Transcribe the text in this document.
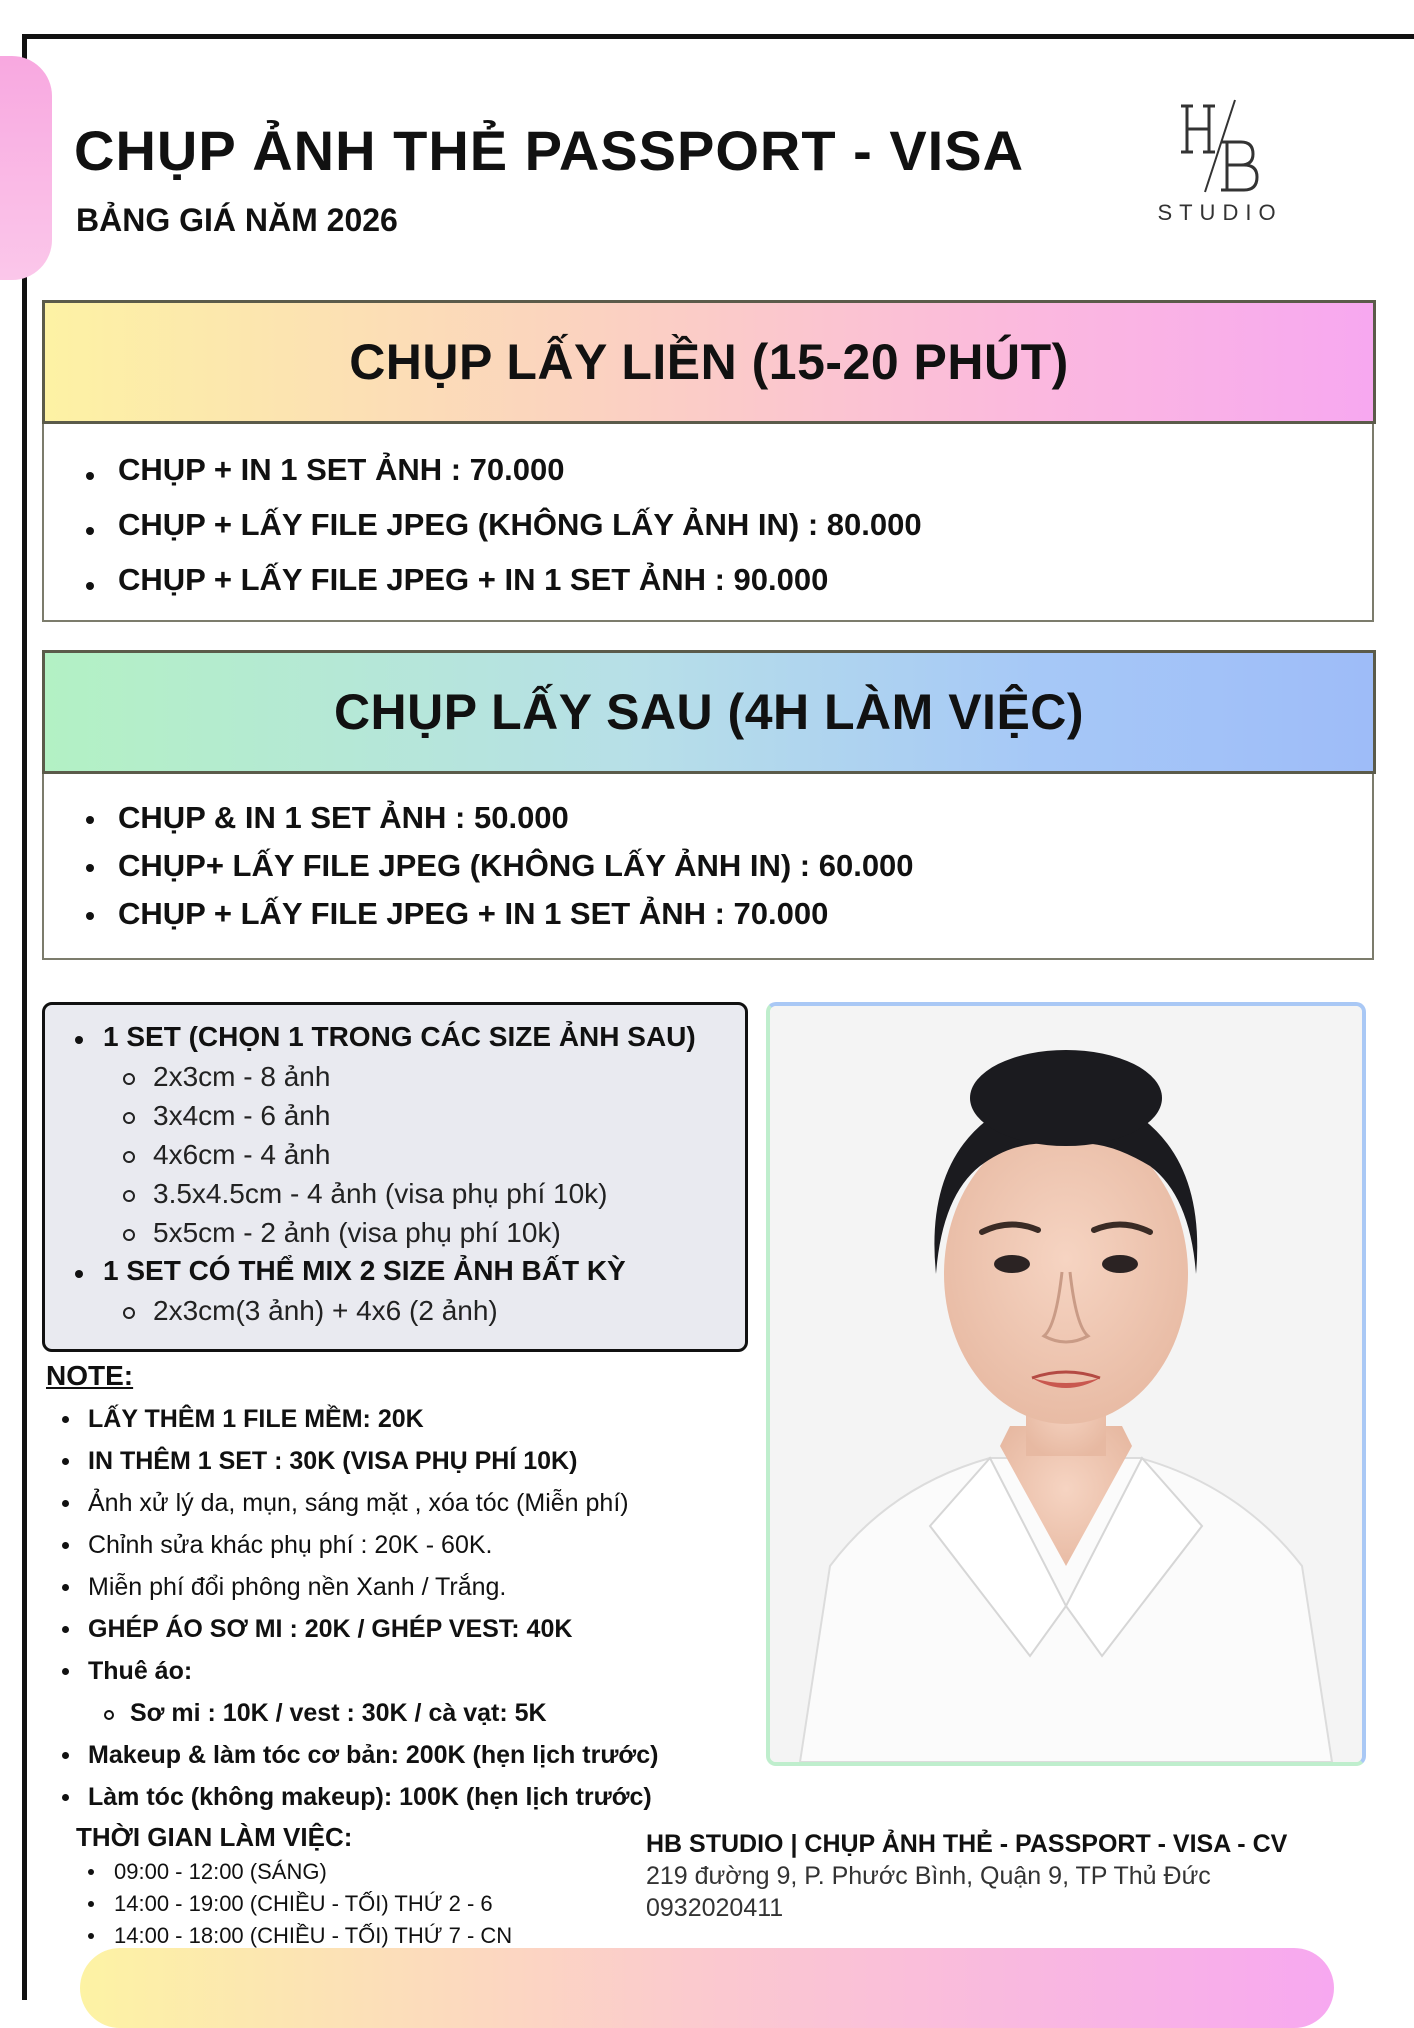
CHỤP ẢNH THẺ PASSPORT - VISA
BẢNG GIÁ NĂM 2026	STUDIO
CHỤP LẤY LIỀN (15-20 PHÚT)
CHỤP + IN 1 SET ẢNH : 70.000
CHỤP + LẤY FILE JPEG (KHÔNG LẤY ẢNH IN) : 80.000
CHỤP + LẤY FILE JPEG + IN 1 SET ẢNH : 90.000
CHỤP LẤY SAU (4H LÀM VIỆC)
CHỤP & IN 1 SET ẢNH : 50.000
CHỤP+ LẤY FILE JPEG (KHÔNG LẤY ẢNH IN) : 60.000
CHỤP + LẤY FILE JPEG + IN 1 SET ẢNH : 70.000
1 SET (CHỌN 1 TRONG CÁC SIZE ẢNH SAU)
2x3cm - 8 ảnh
3x4cm - 6 ảnh
4x6cm - 4 ảnh
3.5x4.5cm - 4 ảnh (visa phụ phí 10k)
5x5cm - 2 ảnh (visa phụ phí 10k)
1 SET CÓ THỂ MIX 2 SIZE ẢNH BẤT KỲ
2x3cm(3 ảnh) + 4x6 (2 ảnh)
NOTE:
LẤY THÊM 1 FILE MỀM: 20K
IN THÊM 1 SET : 30K (VISA PHỤ PHÍ 10K)
Ảnh xử lý da, mụn, sáng mặt , xóa tóc (Miễn phí)
Chỉnh sửa khác phụ phí : 20K - 60K.
Miễn phí đổi phông nền Xanh / Trắng.
GHÉP ÁO SƠ MI : 20K / GHÉP VEST: 40K
Thuê áo:
Sơ mi : 10K / vest : 30K / cà vạt: 5K
Makeup & làm tóc cơ bản: 200K (hẹn lịch trước)
Làm tóc (không makeup): 100K (hẹn lịch trước)
THỜI GIAN LÀM VIỆC:
09:00 - 12:00 (SÁNG)
14:00 - 19:00 (CHIỀU - TỐI) THỨ 2 - 6
14:00 - 18:00 (CHIỀU - TỐI) THỨ 7 - CN
HB STUDIO | CHỤP ẢNH THẺ - PASSPORT - VISA - CV
219 đường 9, P. Phước Bình, Quận 9, TP Thủ Đức
0932020411
